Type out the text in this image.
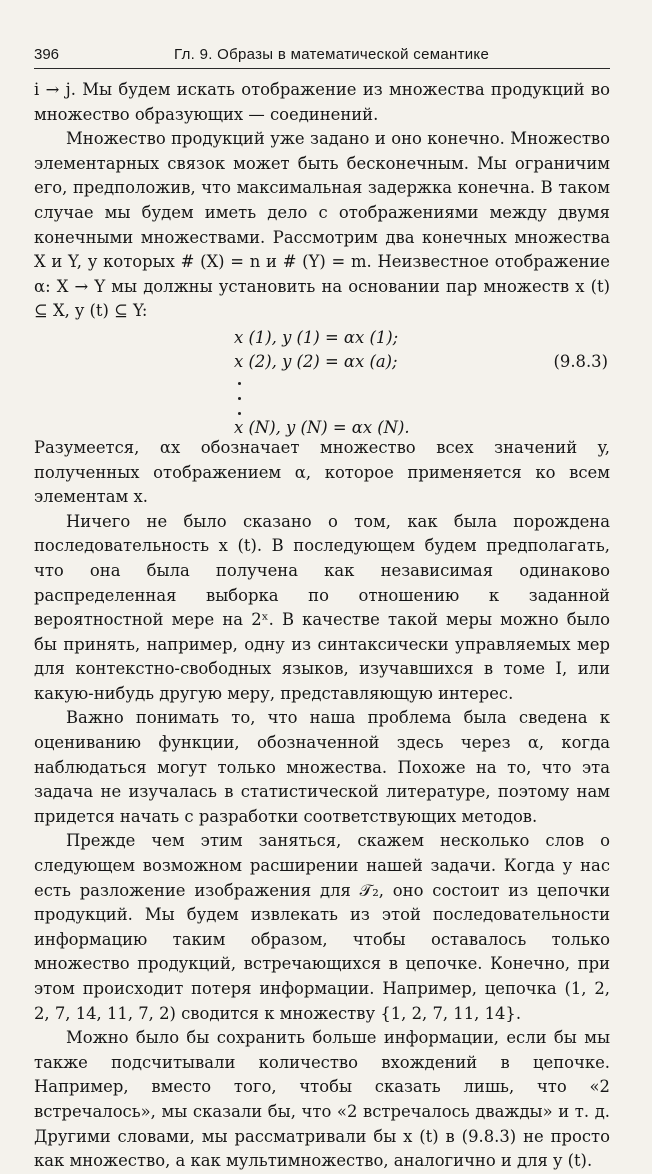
396	Гл. 9. Образы в математической семантике

i → j. Мы будем искать отображение из множества продукций во множество образующих — соединений.

Множество продукций уже задано и оно конечно. Множество элементарных связок может быть бесконечным. Мы ограничим его, предположив, что максимальная задержка конечна. В таком случае мы будем иметь дело с отображениями между двумя конечными множествами. Рассмотрим два конечных множества X и Y, у которых # (X) = n и # (Y) = m. Неизвестное отображение α: X → Y мы должны установить на основании пар множеств x (t) ⊆ X, y (t) ⊆ Y:

x (1), y (1) = αx (1);
x (2), y (2) = αx (a);
x (N), y (N) = αx (N).
(9.8.3)

Разумеется, αx обозначает множество всех значений y, полученных отображением α, которое применяется ко всем элементам x.

Ничего не было сказано о том, как была порождена последовательность x (t). В последующем будем предполагать, что она была получена как независимая одинаково распределенная выборка по отношению к заданной вероятностной мере на 2ˣ. В качестве такой меры можно было бы принять, например, одну из синтаксически управляемых мер для контекстно-свободных языков, изучавшихся в томе I, или какую-нибудь другую меру, представляющую интерес.

Важно понимать то, что наша проблема была сведена к оцениванию функции, обозначенной здесь через α, когда наблюдаться могут только множества. Похоже на то, что эта задача не изучалась в статистической литературе, поэтому нам придется начать с разработки соответствующих методов.

Прежде чем этим заняться, скажем несколько слов о следующем возможном расширении нашей задачи. Когда у нас есть разложение изображения для 𝒯₂, оно состоит из цепочки продукций. Мы будем извлекать из этой последовательности информацию таким образом, чтобы оставалось только множество продукций, встречающихся в цепочке. Конечно, при этом происходит потеря информации. Например, цепочка (1, 2, 2, 7, 14, 11, 7, 2) сводится к множеству {1, 2, 7, 11, 14}.

Можно было бы сохранить больше информации, если бы мы также подсчитывали количество вхождений в цепочке. Например, вместо того, чтобы сказать лишь, что «2 встречалось», мы сказали бы, что «2 встречалось дважды» и т. д. Другими словами, мы рассматривали бы x (t) в (9.8.3) не просто как множество, а как мультимножество, аналогично и для y (t).
